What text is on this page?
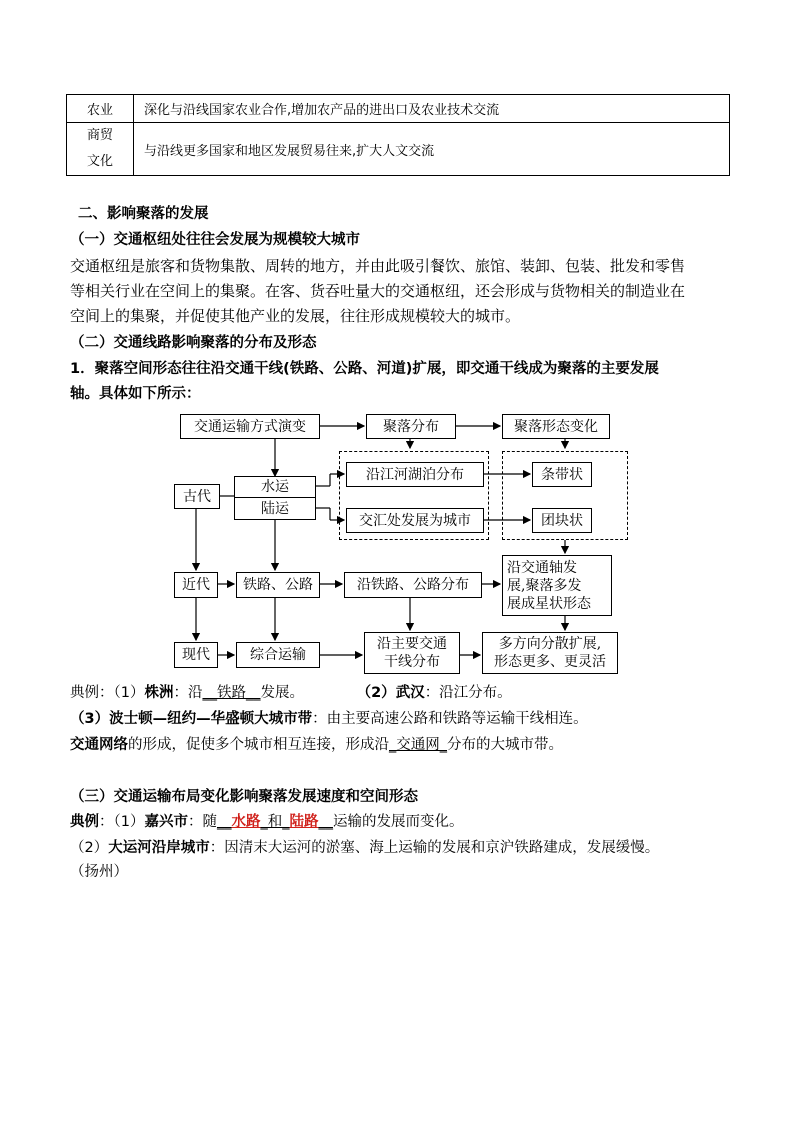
农业	深化与沿线国家农业合作,增加农产品的进出口及农业技术交流

商贸
文化	与沿线更多国家和地区发展贸易往来,扩大人文交流
二、影响聚落的发展
（一）交通枢纽处往往会发展为规模较大城市
交通枢纽是旅客和货物集散、周转的地方，并由此吸引餐饮、旅馆、装卸、包装、批发和零售
等相关行业在空间上的集聚。在客、货吞吐量大的交通枢纽，还会形成与货物相关的制造业在
空间上的集聚，并促使其他产业的发展，往往形成规模较大的城市。
（二）交通线路影响聚落的分布及形态
1．聚落空间形态往往沿交通干线(铁路、公路、河道)扩展，即交通干线成为聚落的主要发展
轴。具体如下所示：
交通运输方式演变	聚落分布	聚落形态变化
古代
水运
陆运
沿江河湖泊分布
交汇处发展为城市
条带状
团块状
近代	铁路、公路	沿铁路、公路分布
沿交通轴发
展,聚落多发
展成星状形态
现代	综合运输
沿主要交通
干线分布
多方向分散扩展,
形态更多、更灵活
典例：（1）株洲：沿__铁路__发展。	（2）武汉：沿江分布。
（3）波士顿—纽约—华盛顿大城市带：由主要高速公路和铁路等运输干线相连。
交通网络的形成，促使多个城市相互连接，形成沿_交通网_分布的大城市带。
（三）交通运输布局变化影响聚落发展速度和空间形态
典例：（1）嘉兴市：随__水路_和_陆路__运输的发展而变化。
（2）大运河沿岸城市：因清末大运河的淤塞、海上运输的发展和京沪铁路建成，发展缓慢。
（扬州）
